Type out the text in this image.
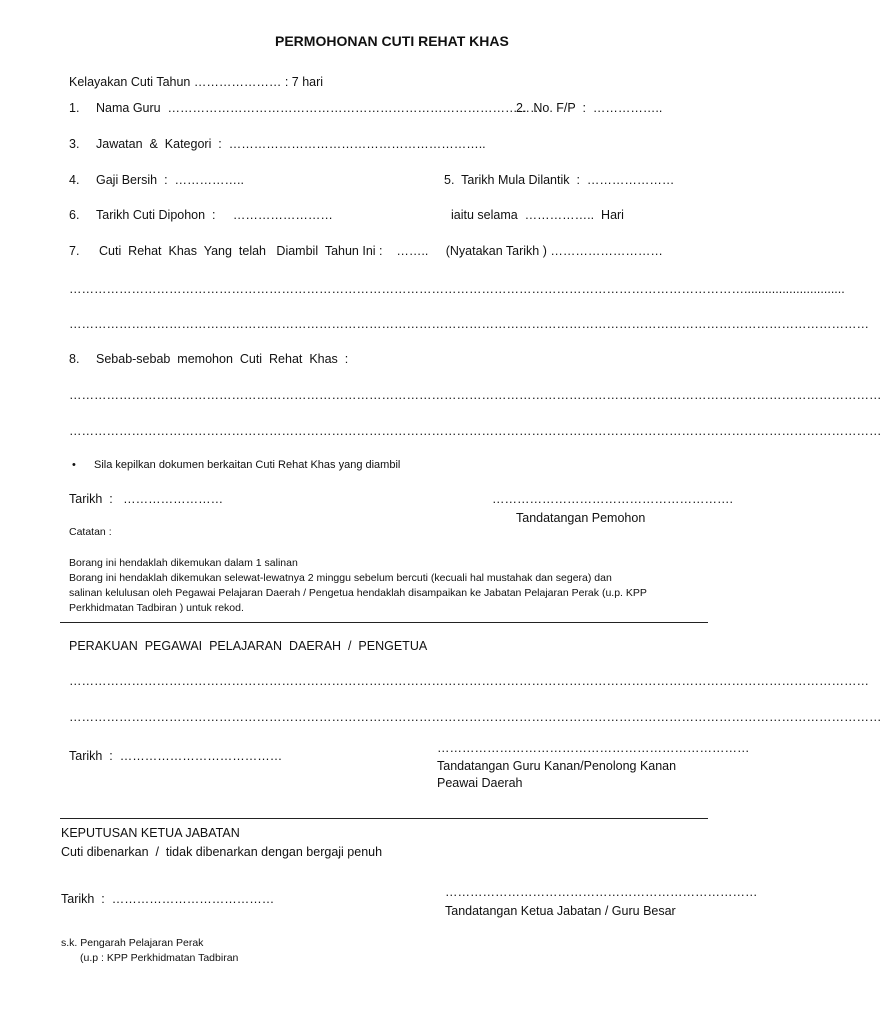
PERMOHONAN CUTI REHAT KHAS
Kelayakan Cuti Tahun ………………… : 7 hari
1. Nama Guru  ………………………………………………………………………………
2.  No. F/P  :  ……………..
3. Jawatan  &  Kategori  :  ……………………………………………………..
4. Gaji Bersih  :  ……………..	5.  Tarikh Mula Dilantik  :  …………………
6. Tarikh Cuti Dipohon  :     ……………………	iaitu selama  ……………..  Hari
7. Cuti  Rehat  Khas  Yang  telah   Diambil  Tahun Ini :    ……..     (Nyatakan Tarikh ) ………………………
……………………………………………………………………………………………………………………………………………….............................
…………………………………………………………………………………………………………………………………………………………………………
8. Sebab-sebab  memohon  Cuti  Rehat  Khas  :
……………………………………………………………………………………………………………………………………………………………………………
……………………………………………………………………………………………………………………………………………………………………………
• Sila kepilkan dokumen berkaitan Cuti Rehat Khas yang diambil
Tarikh  :   ……………………	………………………………………………….
Tandatangan Pemohon
Catatan :
Borang ini hendaklah dikemukan dalam 1 salinan
Borang ini hendaklah dikemukan selewat-lewatnya 2 minggu sebelum bercuti (kecuali hal mustahak dan segera) dan
salinan kelulusan oleh Pegawai Pelajaran Daerah / Pengetua hendaklah disampaikan ke Jabatan Pelajaran Perak (u.p. KPP
Perkhidmatan Tadbiran ) untuk rekod.
PERAKUAN  PEGAWAI  PELAJARAN  DAERAH  /  PENGETUA
…………………………………………………………………………………………………………………………………………………………………………
……………………………………………………………………………………………………………………………………………………………………………
Tarikh  :  …………………………………
…………………………………………………………………
Tandatangan Guru Kanan/Penolong Kanan
Peawai Daerah
KEPUTUSAN KETUA JABATAN
Cuti dibenarkan  /  tidak dibenarkan dengan bergaji penuh
Tarikh  :  …………………………………	…………………………………………………………………
Tandatangan Ketua Jabatan / Guru Besar
s.k. Pengarah Pelajaran Perak
(u.p : KPP Perkhidmatan Tadbiran
